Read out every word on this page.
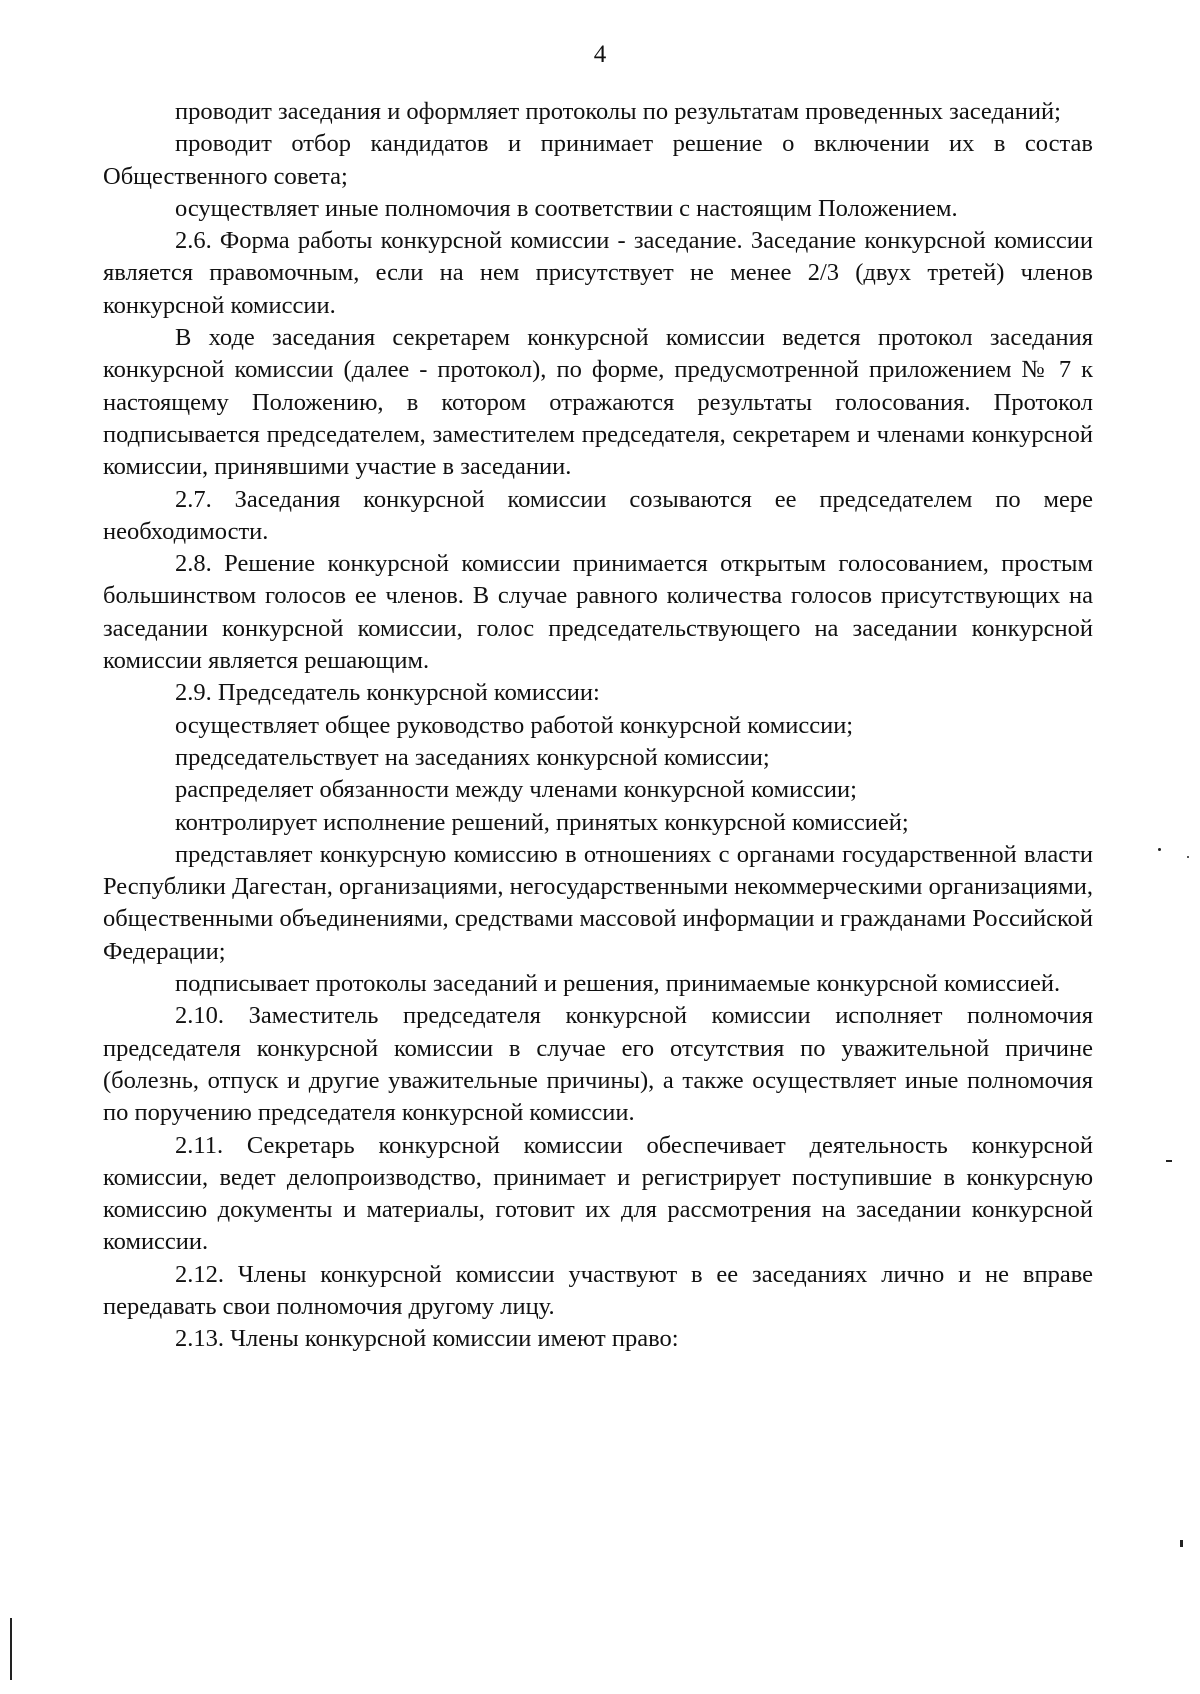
4

проводит заседания и оформляет протоколы по результатам проведенных заседаний;

проводит отбор кандидатов и принимает решение о включении их в состав Общественного совета;

осуществляет иные полномочия в соответствии с настоящим Положением.

2.6. Форма работы конкурсной комиссии - заседание. Заседание конкурсной комиссии является правомочным, если на нем присутствует не менее 2/3 (двух третей) членов конкурсной комиссии.

В ходе заседания секретарем конкурсной комиссии ведется протокол заседания конкурсной комиссии (далее - протокол), по форме, предусмотренной приложением № 7 к настоящему Положению, в котором отражаются результаты голосования. Протокол подписывается председателем, заместителем председателя, секретарем и членами конкурсной комиссии, принявшими участие в заседании.

2.7. Заседания конкурсной комиссии созываются ее председателем по мере необходимости.

2.8. Решение конкурсной комиссии принимается открытым голосованием, простым большинством голосов ее членов. В случае равного количества голосов присутствующих на заседании конкурсной комиссии, голос председательствующего на заседании конкурсной комиссии является решающим.

2.9. Председатель конкурсной комиссии:

осуществляет общее руководство работой конкурсной комиссии;

председательствует на заседаниях конкурсной комиссии;

распределяет обязанности между членами конкурсной комиссии;

контролирует исполнение решений, принятых конкурсной комиссией;

представляет конкурсную комиссию в отношениях с органами государственной власти Республики Дагестан, организациями, негосударственными некоммерческими организациями, общественными объединениями, средствами массовой информации и гражданами Российской Федерации;

подписывает протоколы заседаний и решения, принимаемые конкурсной комиссией.

2.10. Заместитель председателя конкурсной комиссии исполняет полномочия председателя конкурсной комиссии в случае его отсутствия по уважительной причине (болезнь, отпуск и другие уважительные причины), а также осуществляет иные полномочия по поручению председателя конкурсной комиссии.

2.11. Секретарь конкурсной комиссии обеспечивает деятельность конкурсной комиссии, ведет делопроизводство, принимает и регистрирует поступившие в конкурсную комиссию документы и материалы, готовит их для рассмотрения на заседании конкурсной комиссии.

2.12. Члены конкурсной комиссии участвуют в ее заседаниях лично и не вправе передавать свои полномочия другому лицу.

2.13. Члены конкурсной комиссии имеют право:
